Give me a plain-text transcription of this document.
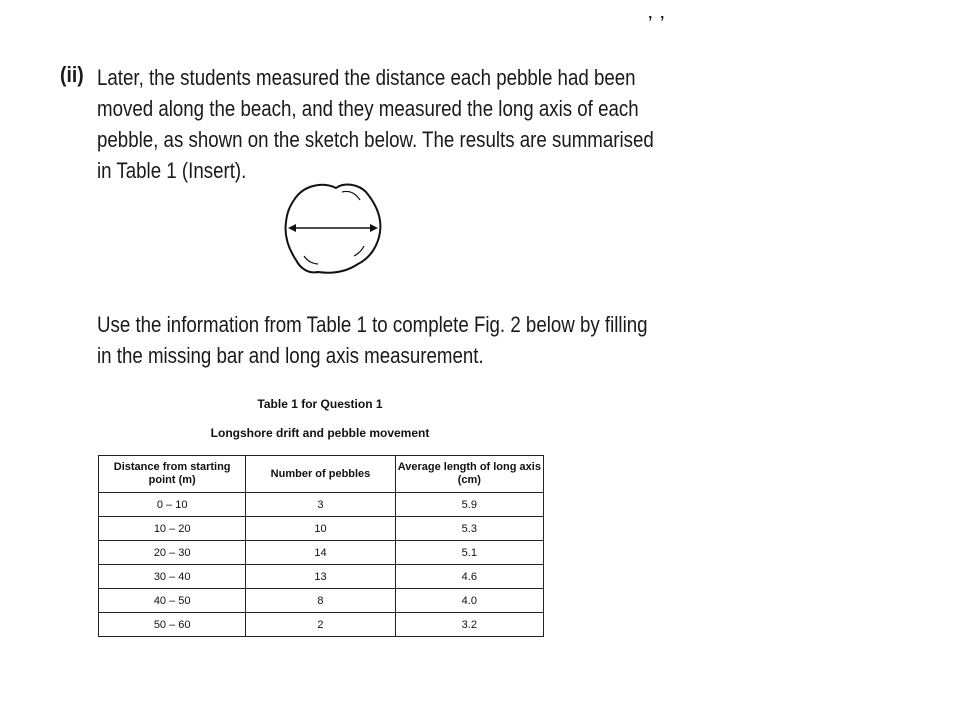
’ ’
(ii) Later, the students measured the distance each pebble had been moved along the beach, and they measured the long axis of each pebble, as shown on the sketch below. The results are summarised in Table 1 (Insert).

Use the information from Table 1 to complete Fig. 2 below by filling in the missing bar and long axis measurement.

Table 1 for Question 1
Longshore drift and pebble movement
Distance from starting point (m)	Number of pebbles	Average length of long axis (cm)
0 – 10	3	5.9
10 – 20	10	5.3
20 – 30	14	5.1
30 – 40	13	4.6
40 – 50	8	4.0
50 – 60	2	3.2
